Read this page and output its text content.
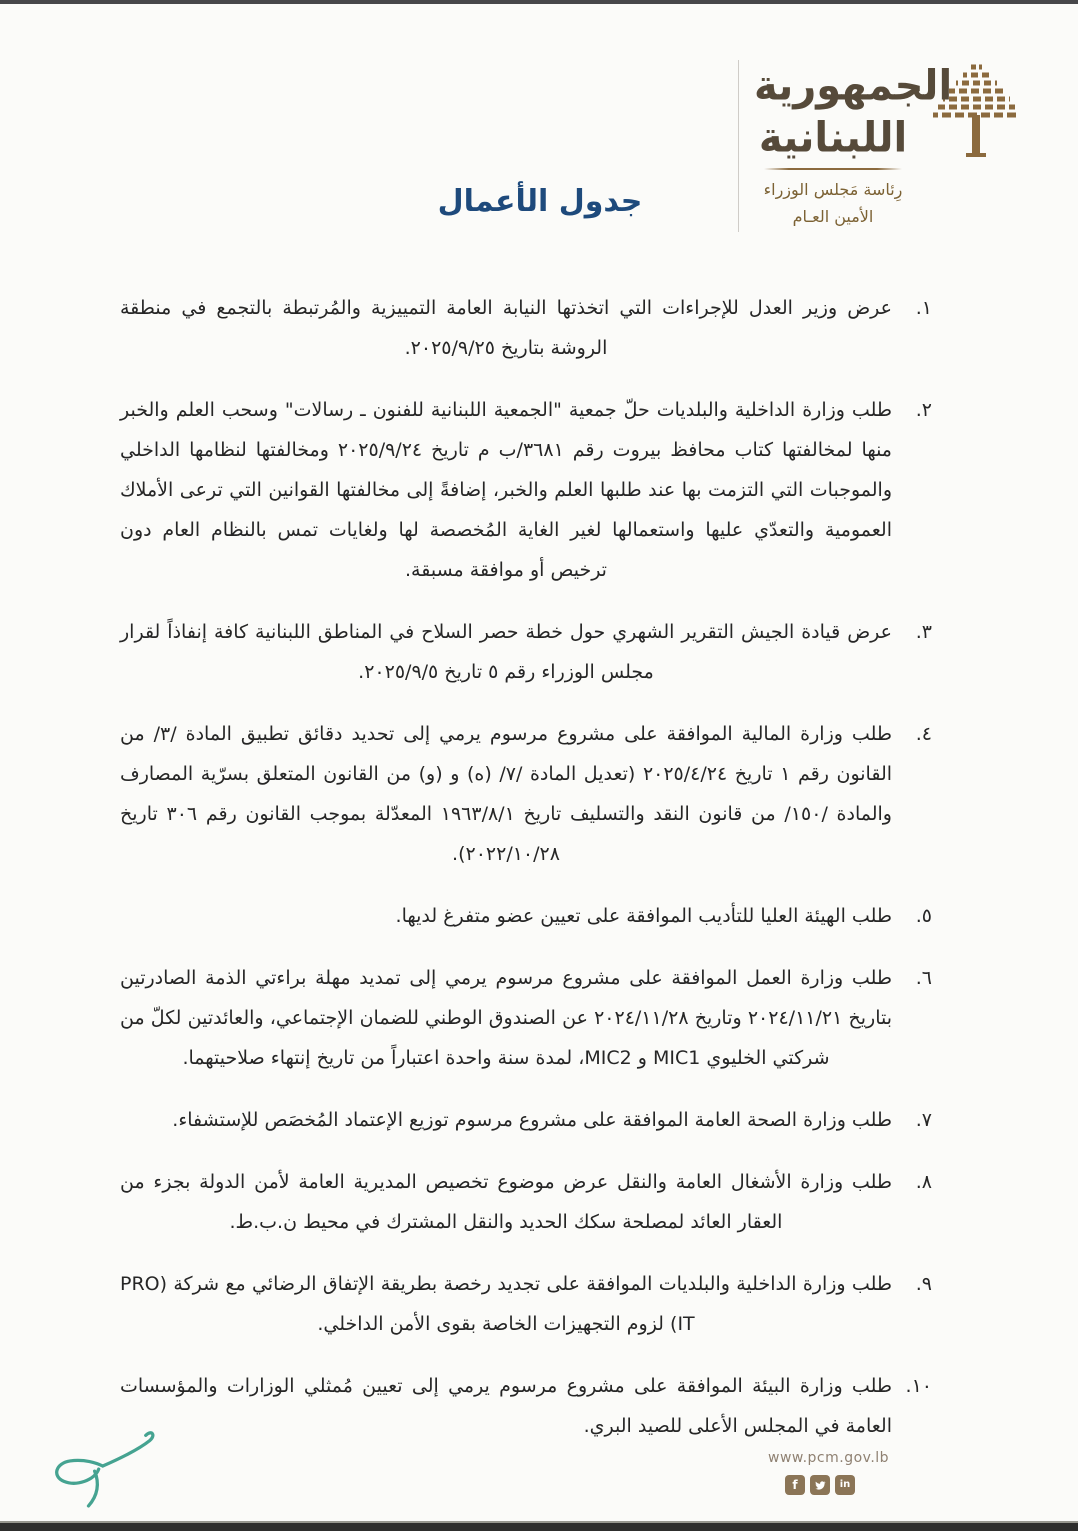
الجمهورية
اللبنانية
رِئاسة مَجلس الوزراء
الأمين العـام
جدول الأعمال
١.
عرض وزير العدل للإجراءات التي اتخذتها النيابة العامة التمييزية والمُرتبطة بالتجمع في منطقة الروشة بتاريخ ٢٠٢٥/٩/٢٥.
٢.
طلب وزارة الداخلية والبلديات حلّ جمعية "الجمعية اللبنانية للفنون ـ رسالات" وسحب العلم والخبر منها لمخالفتها كتاب محافظ بيروت رقم ٣٦٨١/ب م تاريخ ٢٠٢٥/٩/٢٤ ومخالفتها لنظامها الداخلي والموجبات التي التزمت بها عند طلبها العلم والخبر، إضافةً إلى مخالفتها القوانين التي ترعى الأملاك العمومية والتعدّي عليها واستعمالها لغير الغاية المُخصصة لها ولغايات تمس بالنظام العام دون ترخيص أو موافقة مسبقة.
٣.
عرض قيادة الجيش التقرير الشهري حول خطة حصر السلاح في المناطق اللبنانية كافة إنفاذاً لقرار مجلس الوزراء رقم ٥ تاريخ ٢٠٢٥/٩/٥.
٤.
طلب وزارة المالية الموافقة على مشروع مرسوم يرمي إلى تحديد دقائق تطبيق المادة /٣/ من القانون رقم ١ تاريخ ٢٠٢٥/٤/٢٤ (تعديل المادة /٧/ (ه) و (و) من القانون المتعلق بسرّية المصارف والمادة /١٥٠/ من قانون النقد والتسليف تاريخ ١٩٦٣/٨/١ المعدّلة بموجب القانون رقم ٣٠٦ تاريخ ٢٠٢٢/١٠/٢٨).
٥.
طلب الهيئة العليا للتأديب الموافقة على تعيين عضو متفرغ لديها.
٦.
طلب وزارة العمل الموافقة على مشروع مرسوم يرمي إلى تمديد مهلة براءتي الذمة الصادرتين بتاريخ ٢٠٢٤/١١/٢١ وتاريخ ٢٠٢٤/١١/٢٨ عن الصندوق الوطني للضمان الإجتماعي، والعائدتين لكلّ من شركتي الخليوي MIC1 و MIC2، لمدة سنة واحدة اعتباراً من تاريخ إنتهاء صلاحيتهما.
٧.
طلب وزارة الصحة العامة الموافقة على مشروع مرسوم توزيع الإعتماد المُخصَص للإستشفاء.
٨.
طلب وزارة الأشغال العامة والنقل عرض موضوع تخصيص المديرية العامة لأمن الدولة بجزء من العقار العائد لمصلحة سكك الحديد والنقل المشترك في محيط ن.ب.ط.
٩.
طلب وزارة الداخلية والبلديات الموافقة على تجديد رخصة بطريقة الإتفاق الرضائي مع شركة (PRO IT) لزوم التجهيزات الخاصة بقوى الأمن الداخلي.
١٠.
طلب وزارة البيئة الموافقة على مشروع مرسوم يرمي إلى تعيين مُمثلي الوزارات والمؤسسات العامة في المجلس الأعلى للصيد البري.
www.pcm.gov.lb
f	in
